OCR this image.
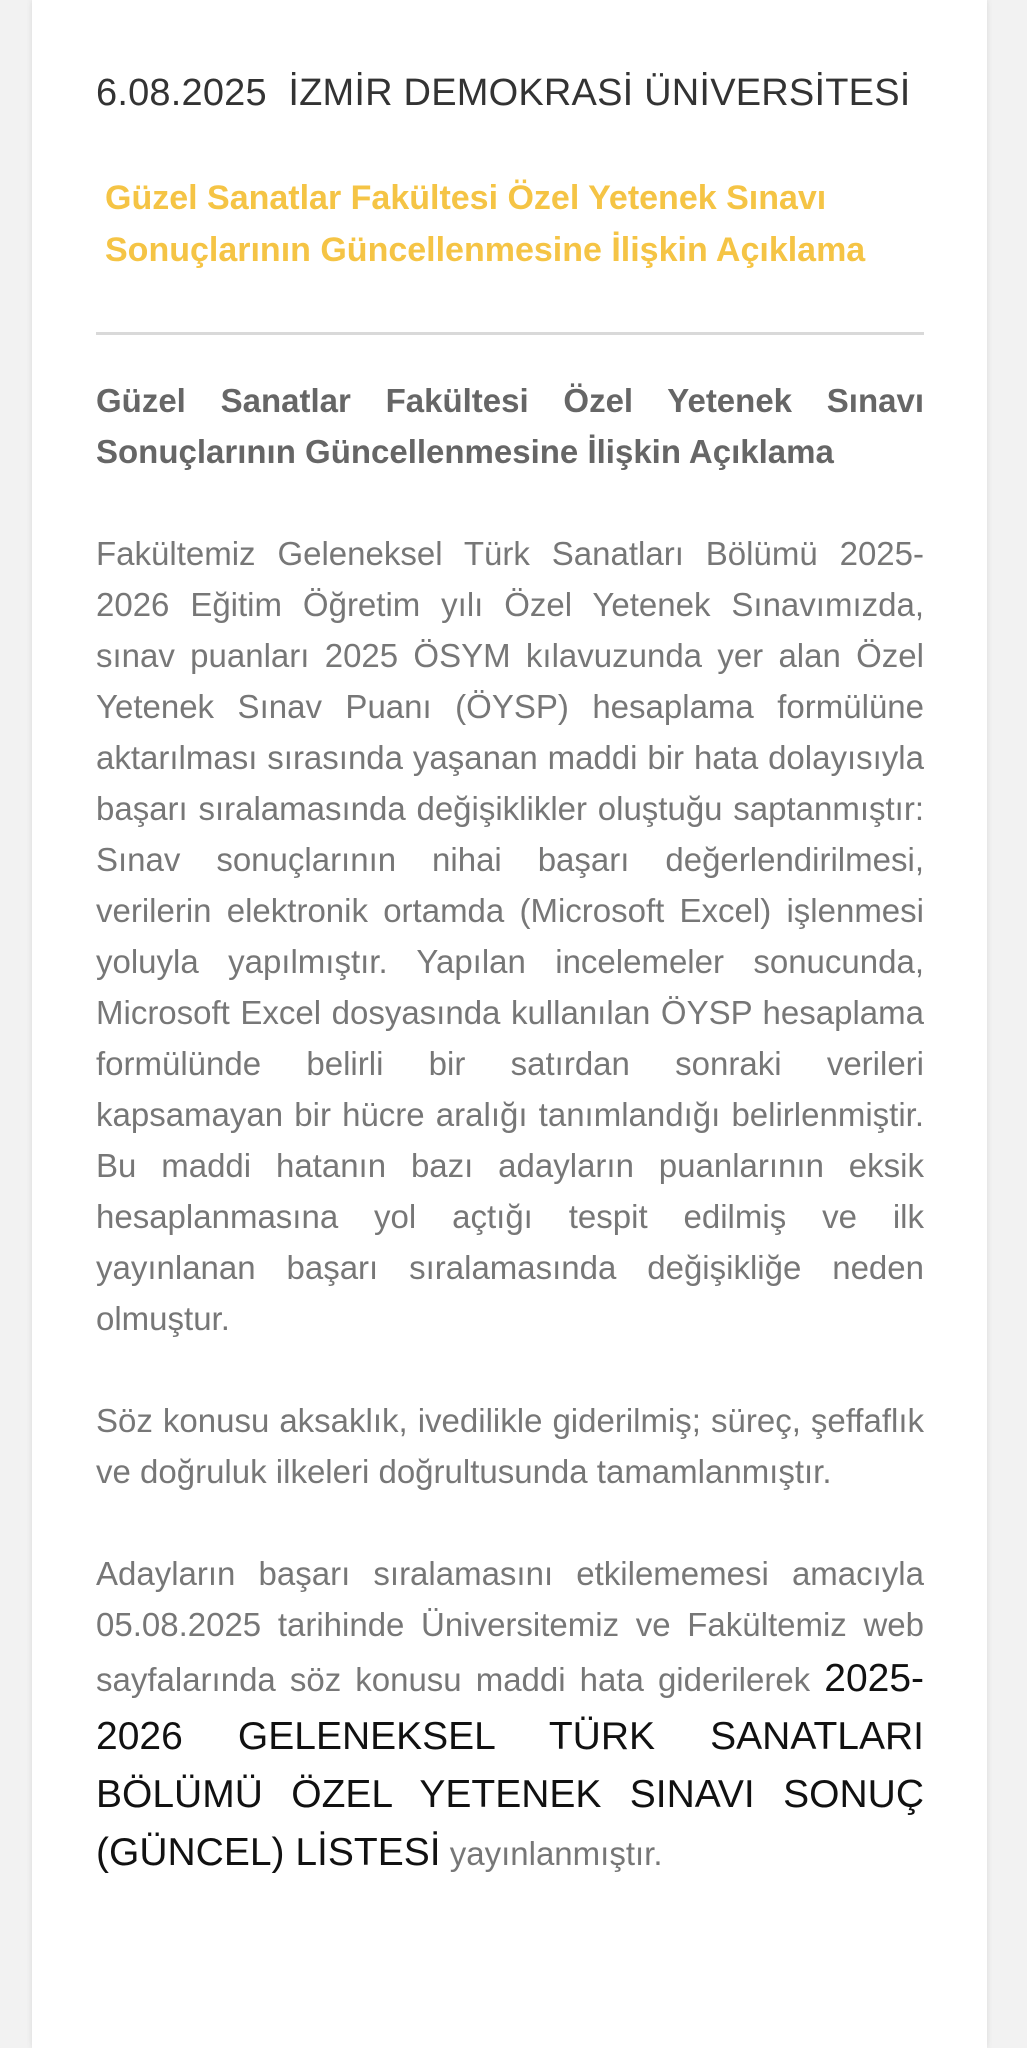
6.08.2025 İZMİR DEMOKRASİ ÜNİVERSİTESİ
Güzel Sanatlar Fakültesi Özel Yetenek Sınavı Sonuçlarının Güncellenmesine İlişkin Açıklama

Güzel Sanatlar Fakültesi Özel Yetenek Sınavı Sonuçlarının Güncellenmesine İlişkin Açıklama

Fakültemiz Geleneksel Türk Sanatları Bölümü 2025-2026 Eğitim Öğretim yılı Özel Yetenek Sınavımızda, sınav puanları 2025 ÖSYM kılavuzunda yer alan Özel Yetenek Sınav Puanı (ÖYSP) hesaplama formülüne aktarılması sırasında yaşanan maddi bir hata dolayısıyla başarı sıralamasında değişiklikler oluştuğu saptanmıştır: Sınav sonuçlarının nihai başarı değerlendirilmesi, verilerin elektronik ortamda (Microsoft Excel) işlenmesi yoluyla yapılmıştır. Yapılan incelemeler sonucunda, Microsoft Excel dosyasında kullanılan ÖYSP hesaplama formülünde belirli bir satırdan sonraki verileri kapsamayan bir hücre aralığı tanımlandığı belirlenmiştir. Bu maddi hatanın bazı adayların puanlarının eksik hesaplanmasına yol açtığı tespit edilmiş ve ilk yayınlanan başarı sıralamasında değişikliğe neden olmuştur.

Söz konusu aksaklık, ivedilikle giderilmiş; süreç, şeffaflık ve doğruluk ilkeleri doğrultusunda tamamlanmıştır.

Adayların başarı sıralamasını etkilememesi amacıyla 05.08.2025 tarihinde Üniversitemiz ve Fakültemiz web sayfalarında söz konusu maddi hata giderilerek 2025-2026 GELENEKSEL TÜRK SANATLARI BÖLÜMÜ ÖZEL YETENEK SINAVI SONUÇ (GÜNCEL) LİSTESİ yayınlanmıştır.
